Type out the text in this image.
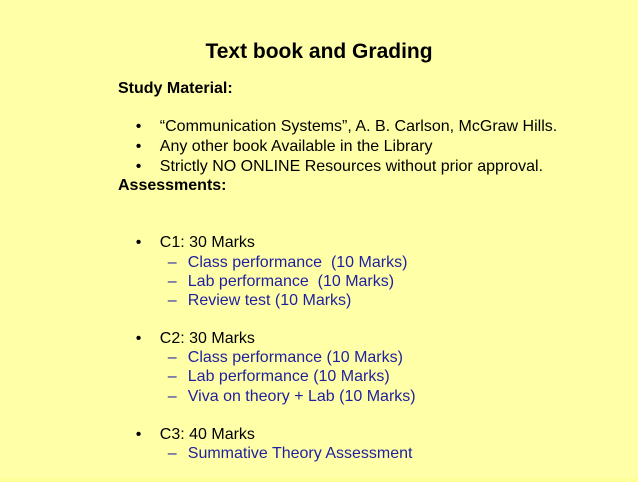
Text book and Grading
Study Material:

• “Communication Systems”, A. B. Carlson, McGraw Hills.

• Any other book Available in the Library

• Strictly NO ONLINE Resources without prior approval.

Assessments:

• C1: 30 Marks

– Class performance  (10 Marks)

– Lab performance  (10 Marks)

– Review test (10 Marks)

• C2: 30 Marks

– Class performance (10 Marks)

– Lab performance (10 Marks)

– Viva on theory + Lab (10 Marks)

• C3: 40 Marks

– Summative Theory Assessment
